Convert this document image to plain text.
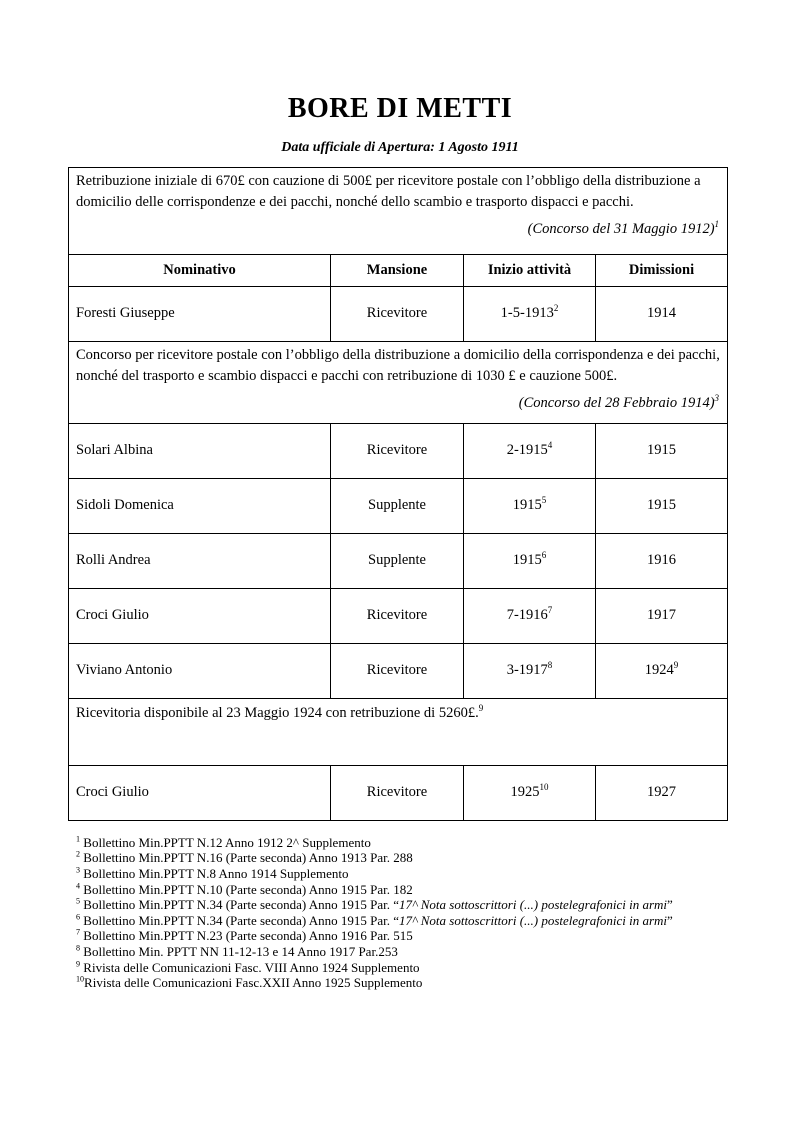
BORE DI METTI
Data ufficiale di Apertura: 1 Agosto 1911
Retribuzione iniziale di 670£ con cauzione di 500£ per ricevitore postale con l’obbligo della distribuzione a domicilio delle corrispondenze e dei pacchi, nonché dello scambio e trasporto dispacci e pacchi.
(Concorso del 31 Maggio 1912)$^1$

Nominativo	Mansione	Inizio attività	Dimissioni
Foresti Giuseppe	Ricevitore	1-5-1913$^2$	1914

Concorso per ricevitore postale con l’obbligo della distribuzione a domicilio della corrispondenza e dei pacchi, nonché del trasporto e scambio dispacci e pacchi con retribuzione di 1030 £ e cauzione 500£.
(Concorso del 28 Febbraio 1914)$^3$

Solari Albina	Ricevitore	2-1915$^4$	1915
Sidoli Domenica	Supplente	1915$^5$	1915
Rolli Andrea	Supplente	1915$^6$	1916
Croci Giulio	Ricevitore	7-1916$^7$	1917
Viviano Antonio	Ricevitore	3-1917$^8$	1924$^9$
Ricevitoria disponibile al 23 Maggio 1924 con retribuzione di 5260£.$^9$
Croci Giulio	Ricevitore	1925$^{10}$	1927
$^1$ Bollettino Min.PPTT N.12 Anno 1912 2^ Supplemento
$^2$ Bollettino Min.PPTT N.16 (Parte seconda) Anno 1913 Par. 288
$^3$ Bollettino Min.PPTT N.8 Anno 1914 Supplemento
$^4$ Bollettino Min.PPTT N.10 (Parte seconda) Anno 1915 Par. 182
$^5$ Bollettino Min.PPTT N.34 (Parte seconda) Anno 1915 Par. “17^ Nota sottoscrittori (...) postelegrafonici in armi”
$^6$ Bollettino Min.PPTT N.34 (Parte seconda) Anno 1915 Par. “17^ Nota sottoscrittori (...) postelegrafonici in armi”
$^7$ Bollettino Min.PPTT N.23 (Parte seconda) Anno 1916 Par. 515
$^8$ Bollettino Min. PPTT NN 11-12-13 e 14 Anno 1917 Par.253
$^9$ Rivista delle Comunicazioni Fasc. VIII Anno 1924 Supplemento
$^{10}$Rivista delle Comunicazioni Fasc.XXII Anno 1925 Supplemento
